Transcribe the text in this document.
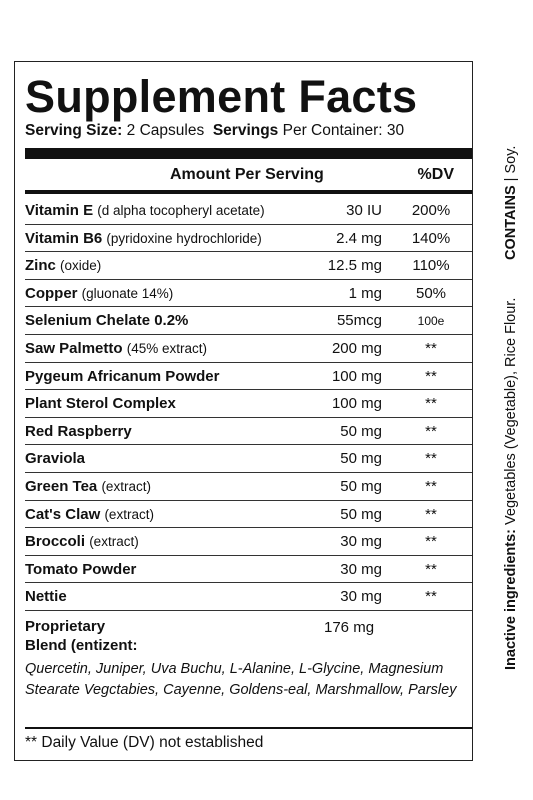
Supplement Facts
Serving Size: 2 Capsules Servings Per Container: 30
Amount Per Serving	%DV
Vitamin E (d alpha tocopheryl acetate)	30 IU	200%
Vitamin B6 (pyridoxine hydrochloride)	2.4 mg	140%
Zinc (oxide)	12.5 mg	110%
Copper (gluonate 14%)	1 mg	50%
Selenium Chelate 0.2%	55mcg	100e
Saw Palmetto (45% extract)	200 mg	**
Pygeum Africanum Powder	100 mg	**
Plant Sterol Complex	100 mg	**
Red Raspberry	50 mg	**
Graviola	50 mg	**
Green Tea (extract)	50 mg	**
Cat's Claw (extract)	50 mg	**
Broccoli (extract)	30 mg	**
Tomato Powder	30 mg	**
Nettie	30 mg	**
Proprietary
Blend (entizent:
176 mg
Quercetin, Juniper, Uva Buchu, L-Alanine, L-Glycine, Magnesium Stearate Vegctabies, Cayenne, Goldens-eal, Marshmallow, Parsley
** Daily Value (DV) not established
Inactive ingredients: Vegetables (Vegetable), Rice Flour.
CONTAINS | Soy.
